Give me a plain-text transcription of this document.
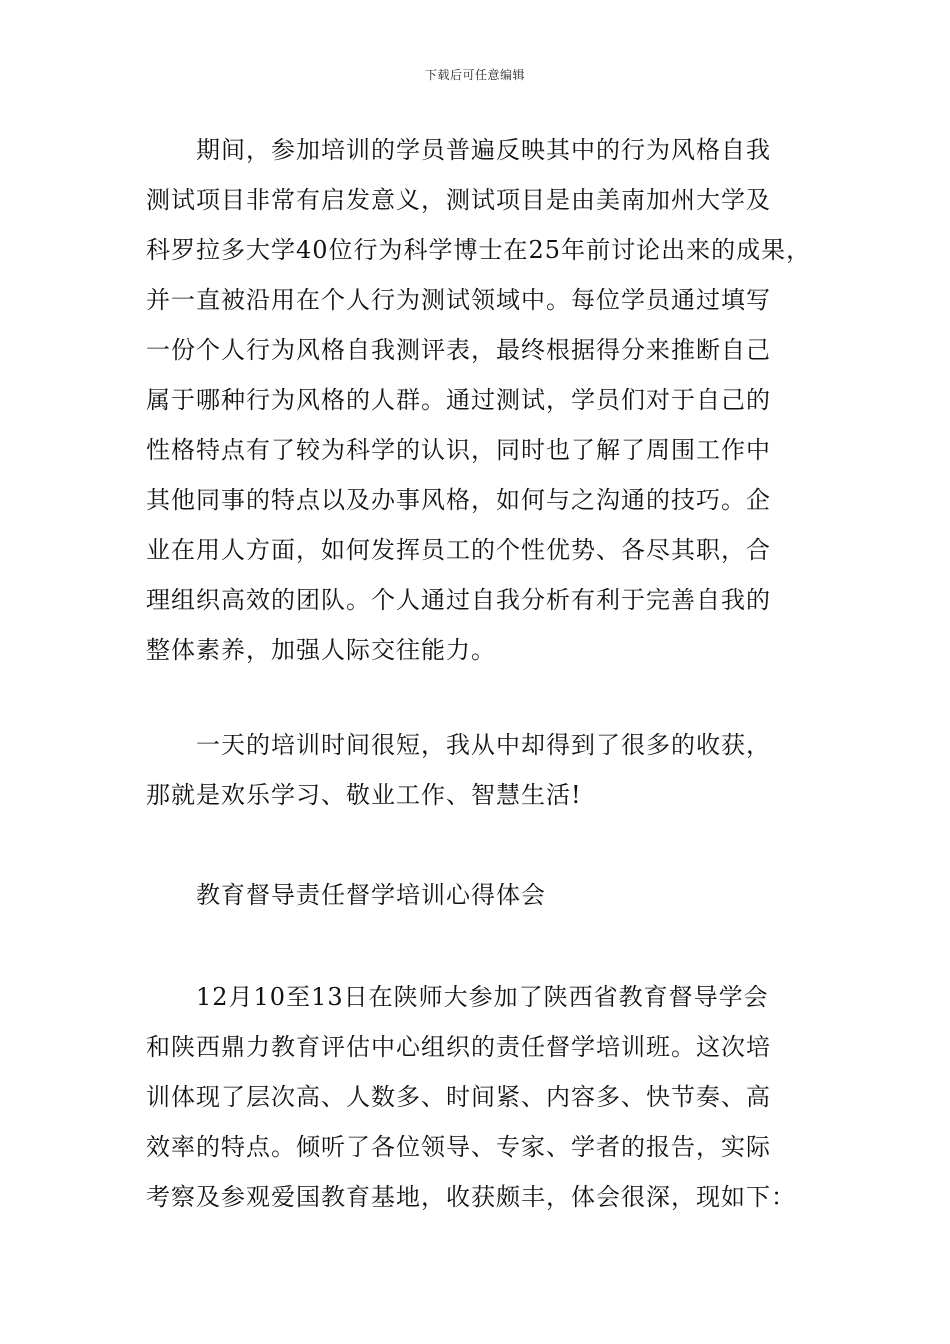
下载后可任意编辑
期间，参加培训的学员普遍反映其中的行为风格自我
测试项目非常有启发意义，测试项目是由美南加州大学及
科罗拉多大学40位行为科学博士在25年前讨论出来的成果，
并一直被沿用在个人行为测试领域中。每位学员通过填写
一份个人行为风格自我测评表，最终根据得分来推断自己
属于哪种行为风格的人群。通过测试，学员们对于自己的
性格特点有了较为科学的认识，同时也了解了周围工作中
其他同事的特点以及办事风格，如何与之沟通的技巧。企
业在用人方面，如何发挥员工的个性优势、各尽其职，合
理组织高效的团队。个人通过自我分析有利于完善自我的
整体素养，加强人际交往能力。
一天的培训时间很短，我从中却得到了很多的收获，
那就是欢乐学习、敬业工作、智慧生活!
教育督导责任督学培训心得体会
12月10至13日在陕师大参加了陕西省教育督导学会
和陕西鼎力教育评估中心组织的责任督学培训班。这次培
训体现了层次高、人数多、时间紧、内容多、快节奏、高
效率的特点。倾听了各位领导、专家、学者的报告，实际
考察及参观爱国教育基地，收获颇丰，体会很深，现如下：
